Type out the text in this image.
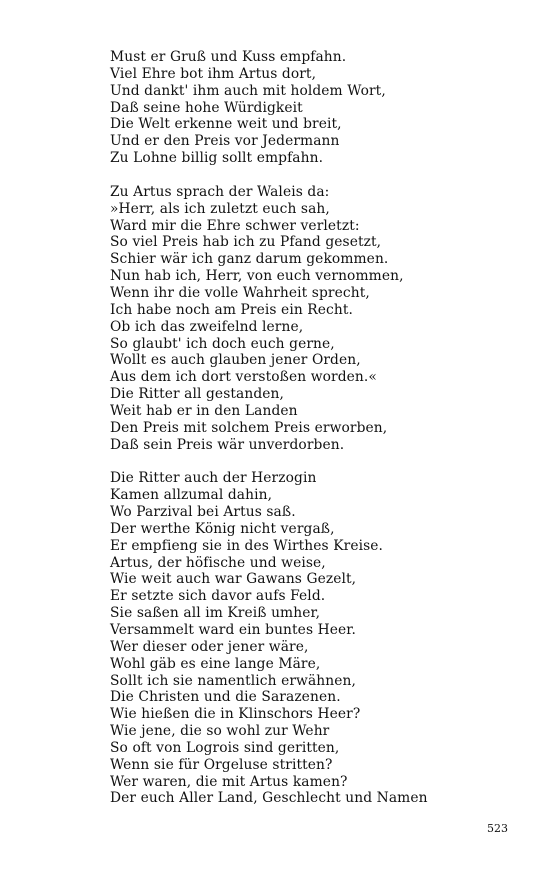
Must er Gruß und Kuss empfahn.
Viel Ehre bot ihm Artus dort,
Und dankt' ihm auch mit holdem Wort,
Daß seine hohe Würdigkeit
Die Welt erkenne weit und breit,
Und er den Preis vor Jedermann
Zu Lohne billig sollt empfahn.
Zu Artus sprach der Waleis da:
»Herr, als ich zuletzt euch sah,
Ward mir die Ehre schwer verletzt:
So viel Preis hab ich zu Pfand gesetzt,
Schier wär ich ganz darum gekommen.
Nun hab ich, Herr, von euch vernommen,
Wenn ihr die volle Wahrheit sprecht,
Ich habe noch am Preis ein Recht.
Ob ich das zweifelnd lerne,
So glaubt' ich doch euch gerne,
Wollt es auch glauben jener Orden,
Aus dem ich dort verstoßen worden.«
Die Ritter all gestanden,
Weit hab er in den Landen
Den Preis mit solchem Preis erworben,
Daß sein Preis wär unverdorben.
Die Ritter auch der Herzogin
Kamen allzumal dahin,
Wo Parzival bei Artus saß.
Der werthe König nicht vergaß,
Er empfieng sie in des Wirthes Kreise.
Artus, der höfische und weise,
Wie weit auch war Gawans Gezelt,
Er setzte sich davor aufs Feld.
Sie saßen all im Kreiß umher,
Versammelt ward ein buntes Heer.
Wer dieser oder jener wäre,
Wohl gäb es eine lange Märe,
Sollt ich sie namentlich erwähnen,
Die Christen und die Sarazenen.
Wie hießen die in Klinschors Heer?
Wie jene, die so wohl zur Wehr
So oft von Logrois sind geritten,
Wenn sie für Orgeluse stritten?
Wer waren, die mit Artus kamen?
Der euch Aller Land, Geschlecht und Namen
523
